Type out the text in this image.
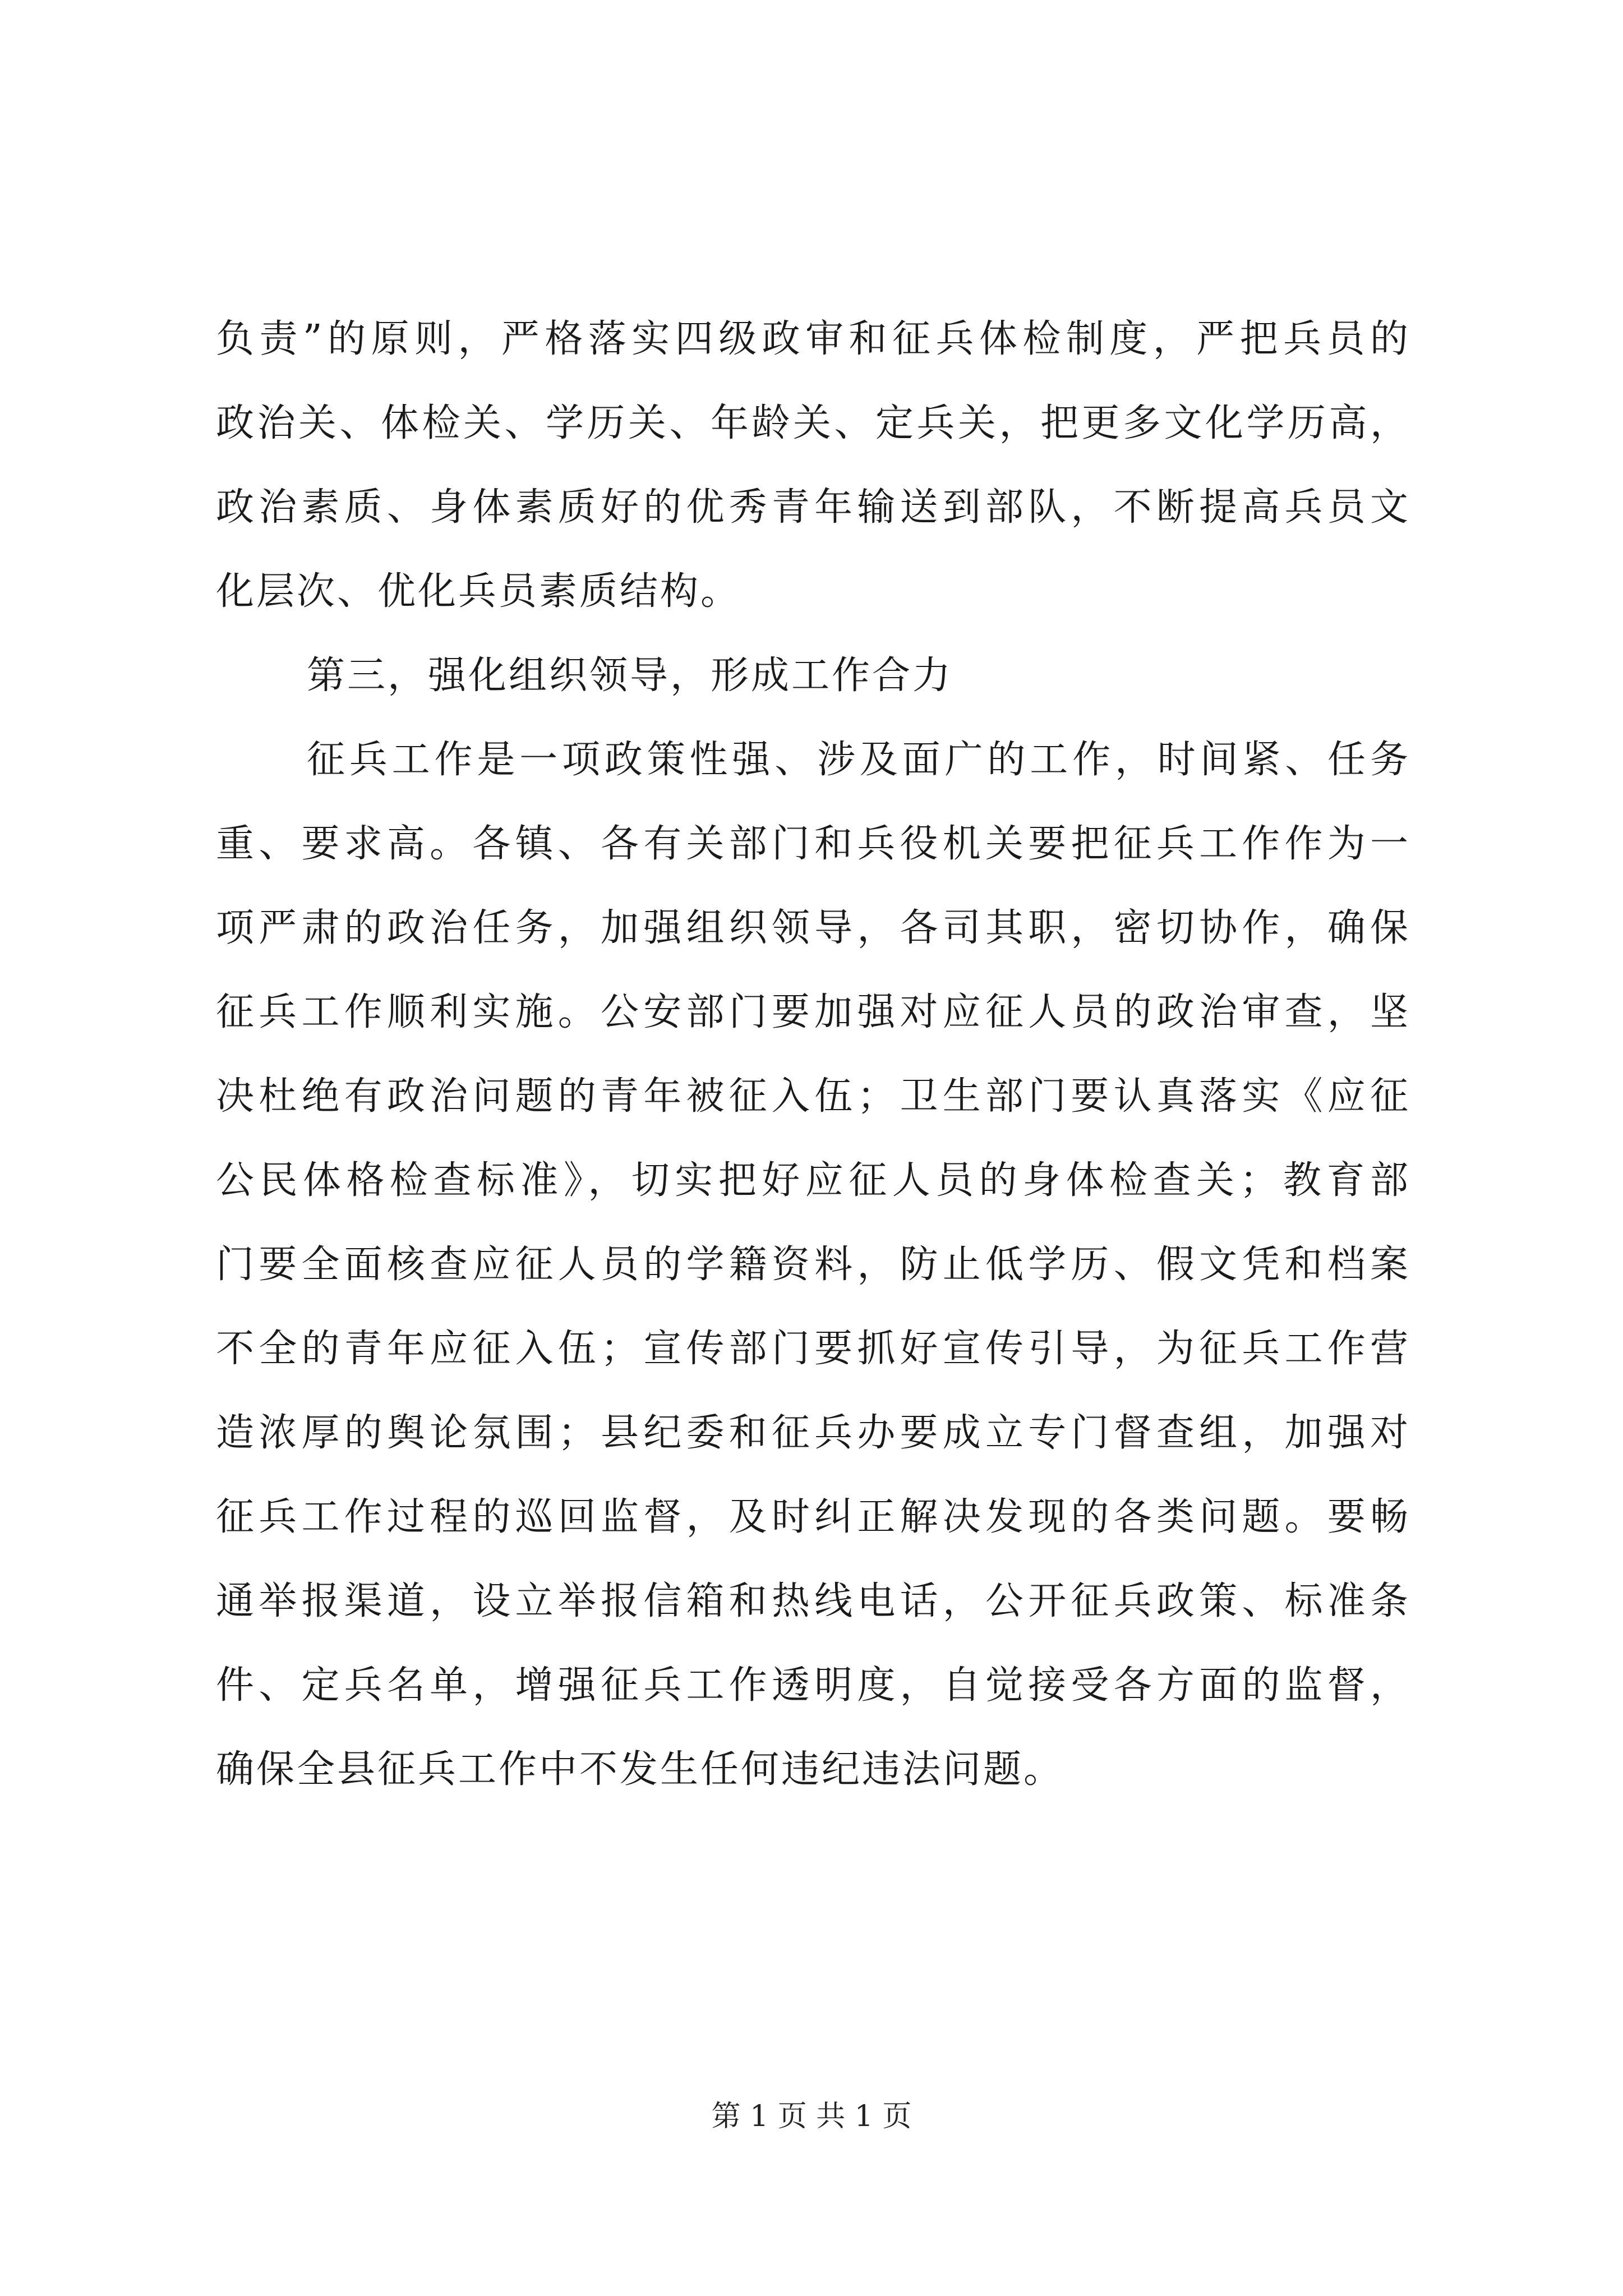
负责”的原则，严格落实四级政审和征兵体检制度，严把兵员的
政治关、体检关、学历关、年龄关、定兵关，把更多文化学历高，
政治素质、身体素质好的优秀青年输送到部队，不断提高兵员文
化层次、优化兵员素质结构。
第三，强化组织领导，形成工作合力
征兵工作是一项政策性强、涉及面广的工作，时间紧、任务
重、要求高。各镇、各有关部门和兵役机关要把征兵工作作为一
项严肃的政治任务，加强组织领导，各司其职，密切协作，确保
征兵工作顺利实施。公安部门要加强对应征人员的政治审查，坚
决杜绝有政治问题的青年被征入伍；卫生部门要认真落实《应征
公民体格检查标准》，切实把好应征人员的身体检查关；教育部
门要全面核查应征人员的学籍资料，防止低学历、假文凭和档案
不全的青年应征入伍；宣传部门要抓好宣传引导，为征兵工作营
造浓厚的舆论氛围；县纪委和征兵办要成立专门督查组，加强对
征兵工作过程的巡回监督，及时纠正解决发现的各类问题。要畅
通举报渠道，设立举报信箱和热线电话，公开征兵政策、标准条
件、定兵名单，增强征兵工作透明度，自觉接受各方面的监督，
确保全县征兵工作中不发生任何违纪违法问题。
第 1 页 共 1 页
